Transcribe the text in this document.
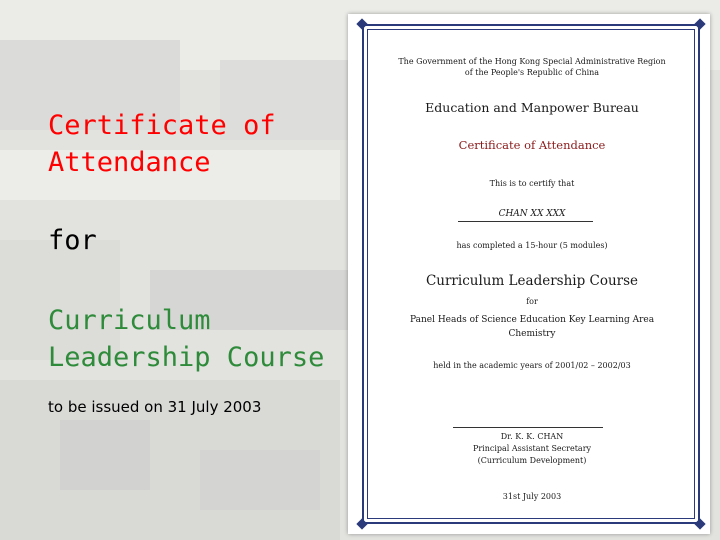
Certificate of
Attendance
for
Curriculum
Leadership Course
to be issued on 31 July 2003
The Government of the Hong Kong Special Administrative Region
of the People's Republic of China
Education and Manpower Bureau
Certificate of Attendance
This is to certify that
CHAN XX XXX
has completed a 15-hour (5 modules)
Curriculum Leadership Course
for
Panel Heads of Science Education Key Learning Area
Chemistry
held in the academic years of 2001/02 – 2002/03
Dr. K. K. CHAN
Principal Assistant Secretary
(Curriculum Development)
31st July 2003
